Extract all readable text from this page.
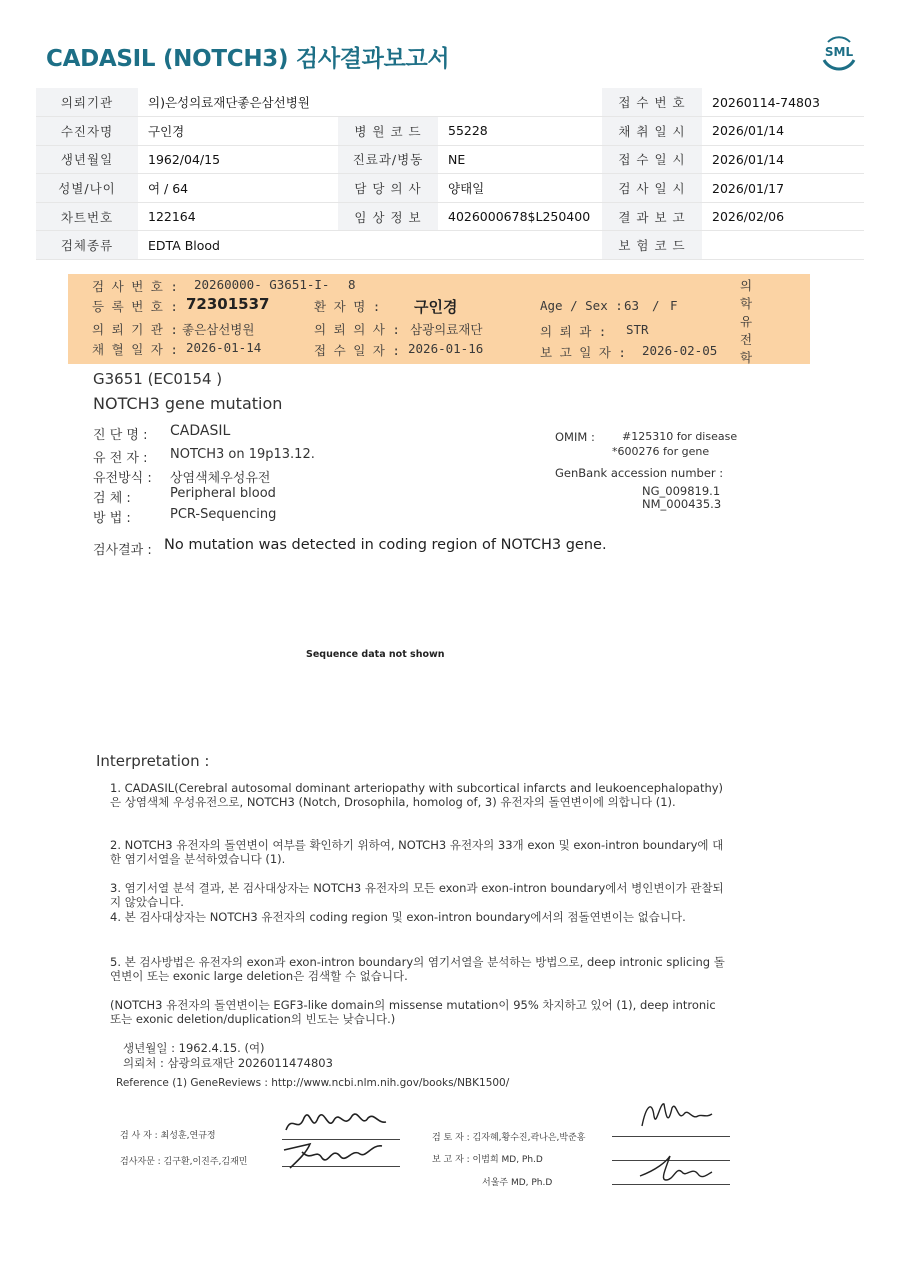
CADASIL (NOTCH3) 검사결과보고서	SML
의뢰기관	의)은성의료재단좋은삼선병원			접 수 번 호	20260114-74803
수진자명	구인경	병 원 코 드	55228	채 취 일 시	2026/01/14
생년월일	1962/04/15	진료과/병동	NE	접 수 일 시	2026/01/14
성별/나이	여 / 64	담 당 의 사	양태일	검 사 일 시	2026/01/17
차트번호	122164	임 상 정 보	4026000678$L250400	결 과 보 고	2026/02/06
검체종류	EDTA Blood			보 험 코 드	
검 사 번 호 : 20260000- G3651-I- 8
등 록 번 호 : 72301537	환 자 명 : 구인경	Age / Sex : 63 / F
의 뢰 기 관 : 좋은삼선병원	의 뢰 의 사 : 삼광의료재단	의 뢰 과 : STR
채 혈 일 자 : 2026-01-14	접 수 일 자 : 2026-01-16	보 고 일 자 : 2026-02-05
의
학
유
전
학
G3651 (EC0154 )
NOTCH3 gene mutation
진 단 명 : CADASIL
유 전 자 : NOTCH3 on 19p13.12.
유전방식 : 상염색체우성유전
검 체 :	Peripheral blood
방 법 :	PCR-Sequencing
OMIM : #125310 for disease
*600276 for gene
GenBank accession number :
NG_009819.1
NM_000435.3
검사결과 : No mutation was detected in coding region of NOTCH3 gene.
Sequence data not shown
Interpretation :
1. CADASIL(Cerebral autosomal dominant arteriopathy with subcortical infarcts and leukoencephalopathy)은 상염색체 우성유전으로, NOTCH3 (Notch, Drosophila, homolog of, 3) 유전자의 돌연변이에 의합니다 (1).
2. NOTCH3 유전자의 돌연변이 여부를 확인하기 위하여, NOTCH3 유전자의 33개 exon 및 exon-intron boundary에 대한 염기서열을 분석하였습니다 (1).
3. 염기서열 분석 결과, 본 검사대상자는 NOTCH3 유전자의 모든 exon과 exon-intron boundary에서 병인변이가 관찰되지 않았습니다.
4. 본 검사대상자는 NOTCH3 유전자의 coding region 및 exon-intron boundary에서의 점돌연변이는 없습니다.
5. 본 검사방법은 유전자의 exon과 exon-intron boundary의 염기서열을 분석하는 방법으로, deep intronic splicing 돌연변이 또는 exonic large deletion은 검색할 수 없습니다.
(NOTCH3 유전자의 돌연변이는 EGF3-like domain의 missense mutation이 95% 차지하고 있어 (1), deep intronic 또는 exonic deletion/duplication의 빈도는 낮습니다.)
생년월일 : 1962.4.15. (여)
의뢰처 : 삼광의료재단 2026011474803
Reference (1) GeneReviews : http://www.ncbi.nlm.nih.gov/books/NBK1500/
검 사 자 : 최성훈,연규정
검사자문 : 김구환,이진주,김재민
검 토 자 : 김자혜,황수진,곽나은,박준홍
보 고 자 : 이범희 MD, Ph.D
서울주 MD, Ph.D
